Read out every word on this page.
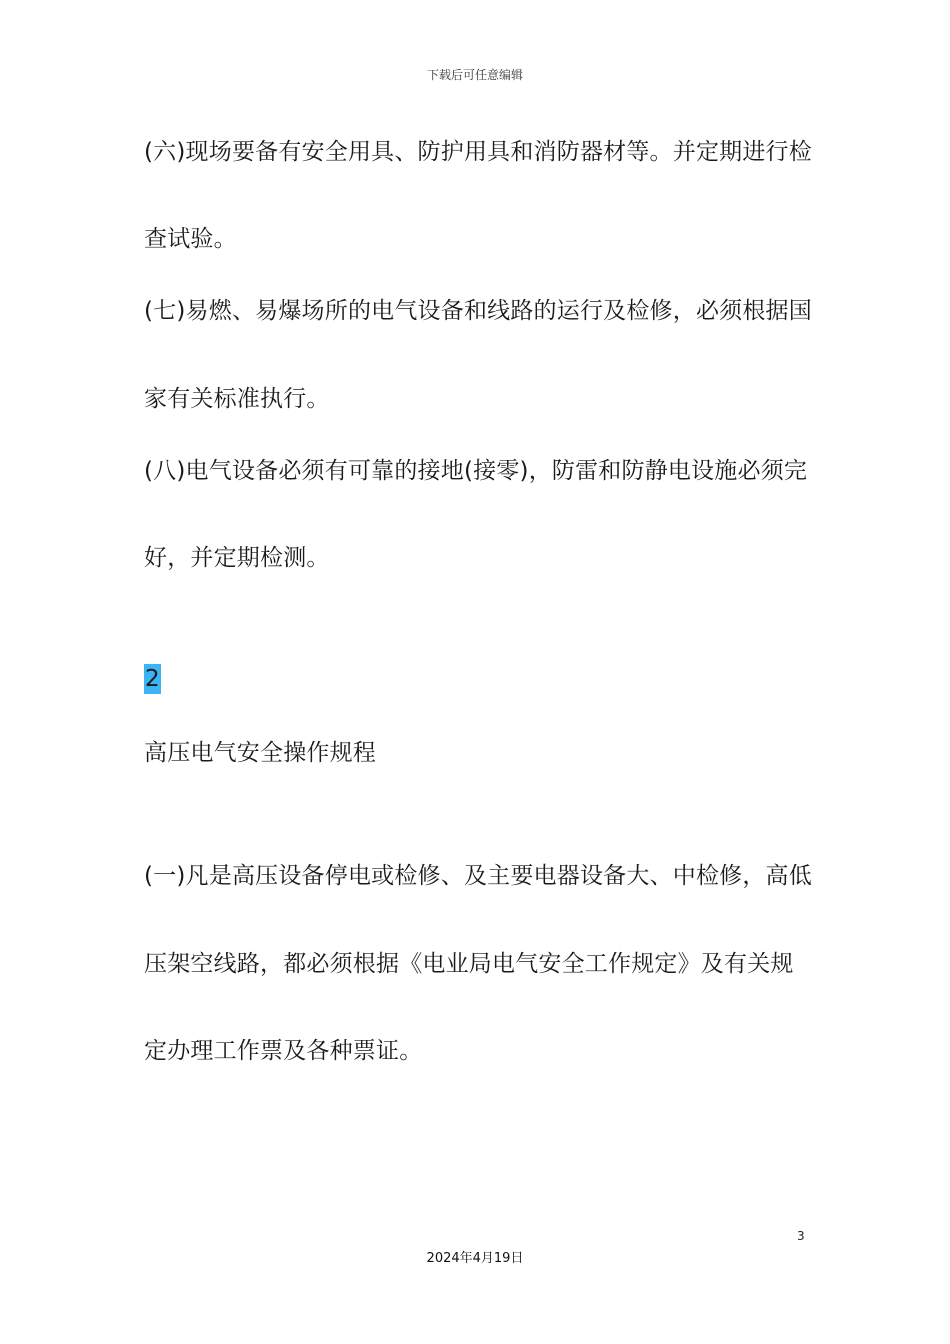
下载后可任意编辑
(六)现场要备有安全用具、防护用具和消防器材等。并定期进行检
查试验。
(七)易燃、易爆场所的电气设备和线路的运行及检修，必须根据国
家有关标准执行。
(八)电气设备必须有可靠的接地(接零)，防雷和防静电设施必须完
好，并定期检测。
2
高压电气安全操作规程
(一)凡是高压设备停电或检修、及主要电器设备大、中检修，高低
压架空线路，都必须根据《电业局电气安全工作规定》及有关规
定办理工作票及各种票证。
3
2024年4月19日
